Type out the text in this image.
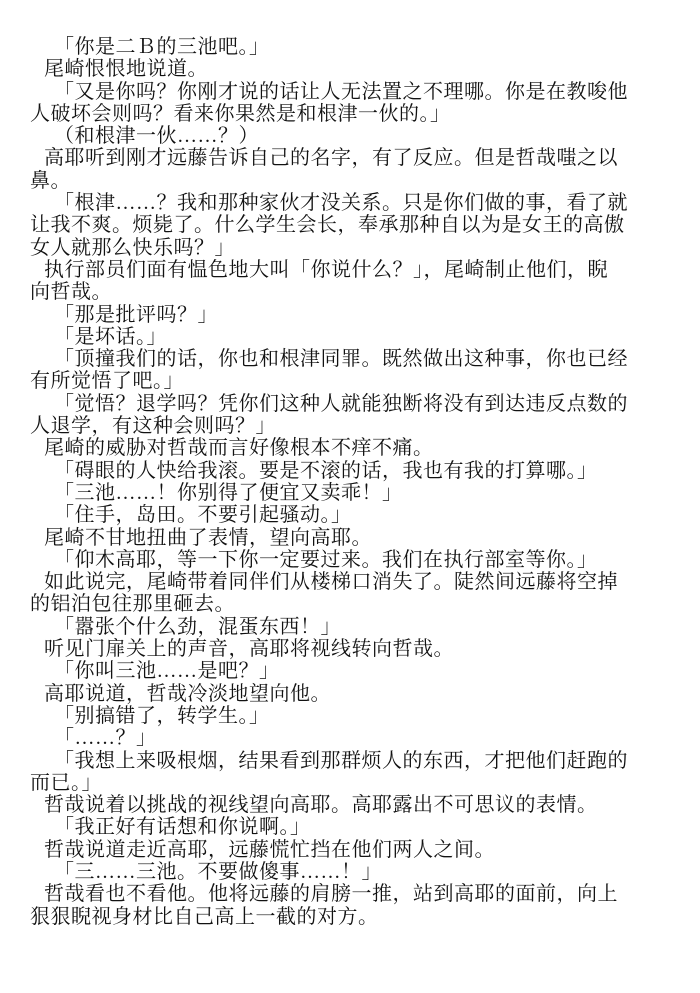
「你是二Ｂ的三池吧。」
尾崎恨恨地说道。
「又是你吗？你刚才说的话让人无法置之不理哪。你是在教唆他
人破坏会则吗？看来你果然是和根津一伙的。」
（和根津一伙……？）
高耶听到刚才远藤告诉自己的名字，有了反应。但是哲哉嗤之以
鼻。
「根津……？我和那种家伙才没关系。只是你们做的事，看了就
让我不爽。烦毙了。什么学生会长，奉承那种自以为是女王的高傲
女人就那么快乐吗？」
执行部员们面有愠色地大叫「你说什么？」，尾崎制止他们，睨
向哲哉。
「那是批评吗？」
「是坏话。」
「顶撞我们的话，你也和根津同罪。既然做出这种事，你也已经
有所觉悟了吧。」
「觉悟？退学吗？凭你们这种人就能独断将没有到达违反点数的
人退学，有这种会则吗？」
尾崎的威胁对哲哉而言好像根本不痒不痛。
「碍眼的人快给我滚。要是不滚的话，我也有我的打算哪。」
「三池……！你别得了便宜又卖乖！」
「住手，岛田。不要引起骚动。」
尾崎不甘地扭曲了表情，望向高耶。
「仰木高耶，等一下你一定要过来。我们在执行部室等你。」
如此说完，尾崎带着同伴们从楼梯口消失了。陡然间远藤将空掉
的铝泊包往那里砸去。
「嚣张个什么劲，混蛋东西！」
听见门扉关上的声音，高耶将视线转向哲哉。
「你叫三池……是吧？」
高耶说道，哲哉冷淡地望向他。
「别搞错了，转学生。」
「……？」
「我想上来吸根烟，结果看到那群烦人的东西，才把他们赶跑的
而已。」
哲哉说着以挑战的视线望向高耶。高耶露出不可思议的表情。
「我正好有话想和你说啊。」
哲哉说道走近高耶，远藤慌忙挡在他们两人之间。
「三……三池。不要做傻事……！」
哲哉看也不看他。他将远藤的肩膀一推，站到高耶的面前，向上
狠狠睨视身材比自己高上一截的对方。
